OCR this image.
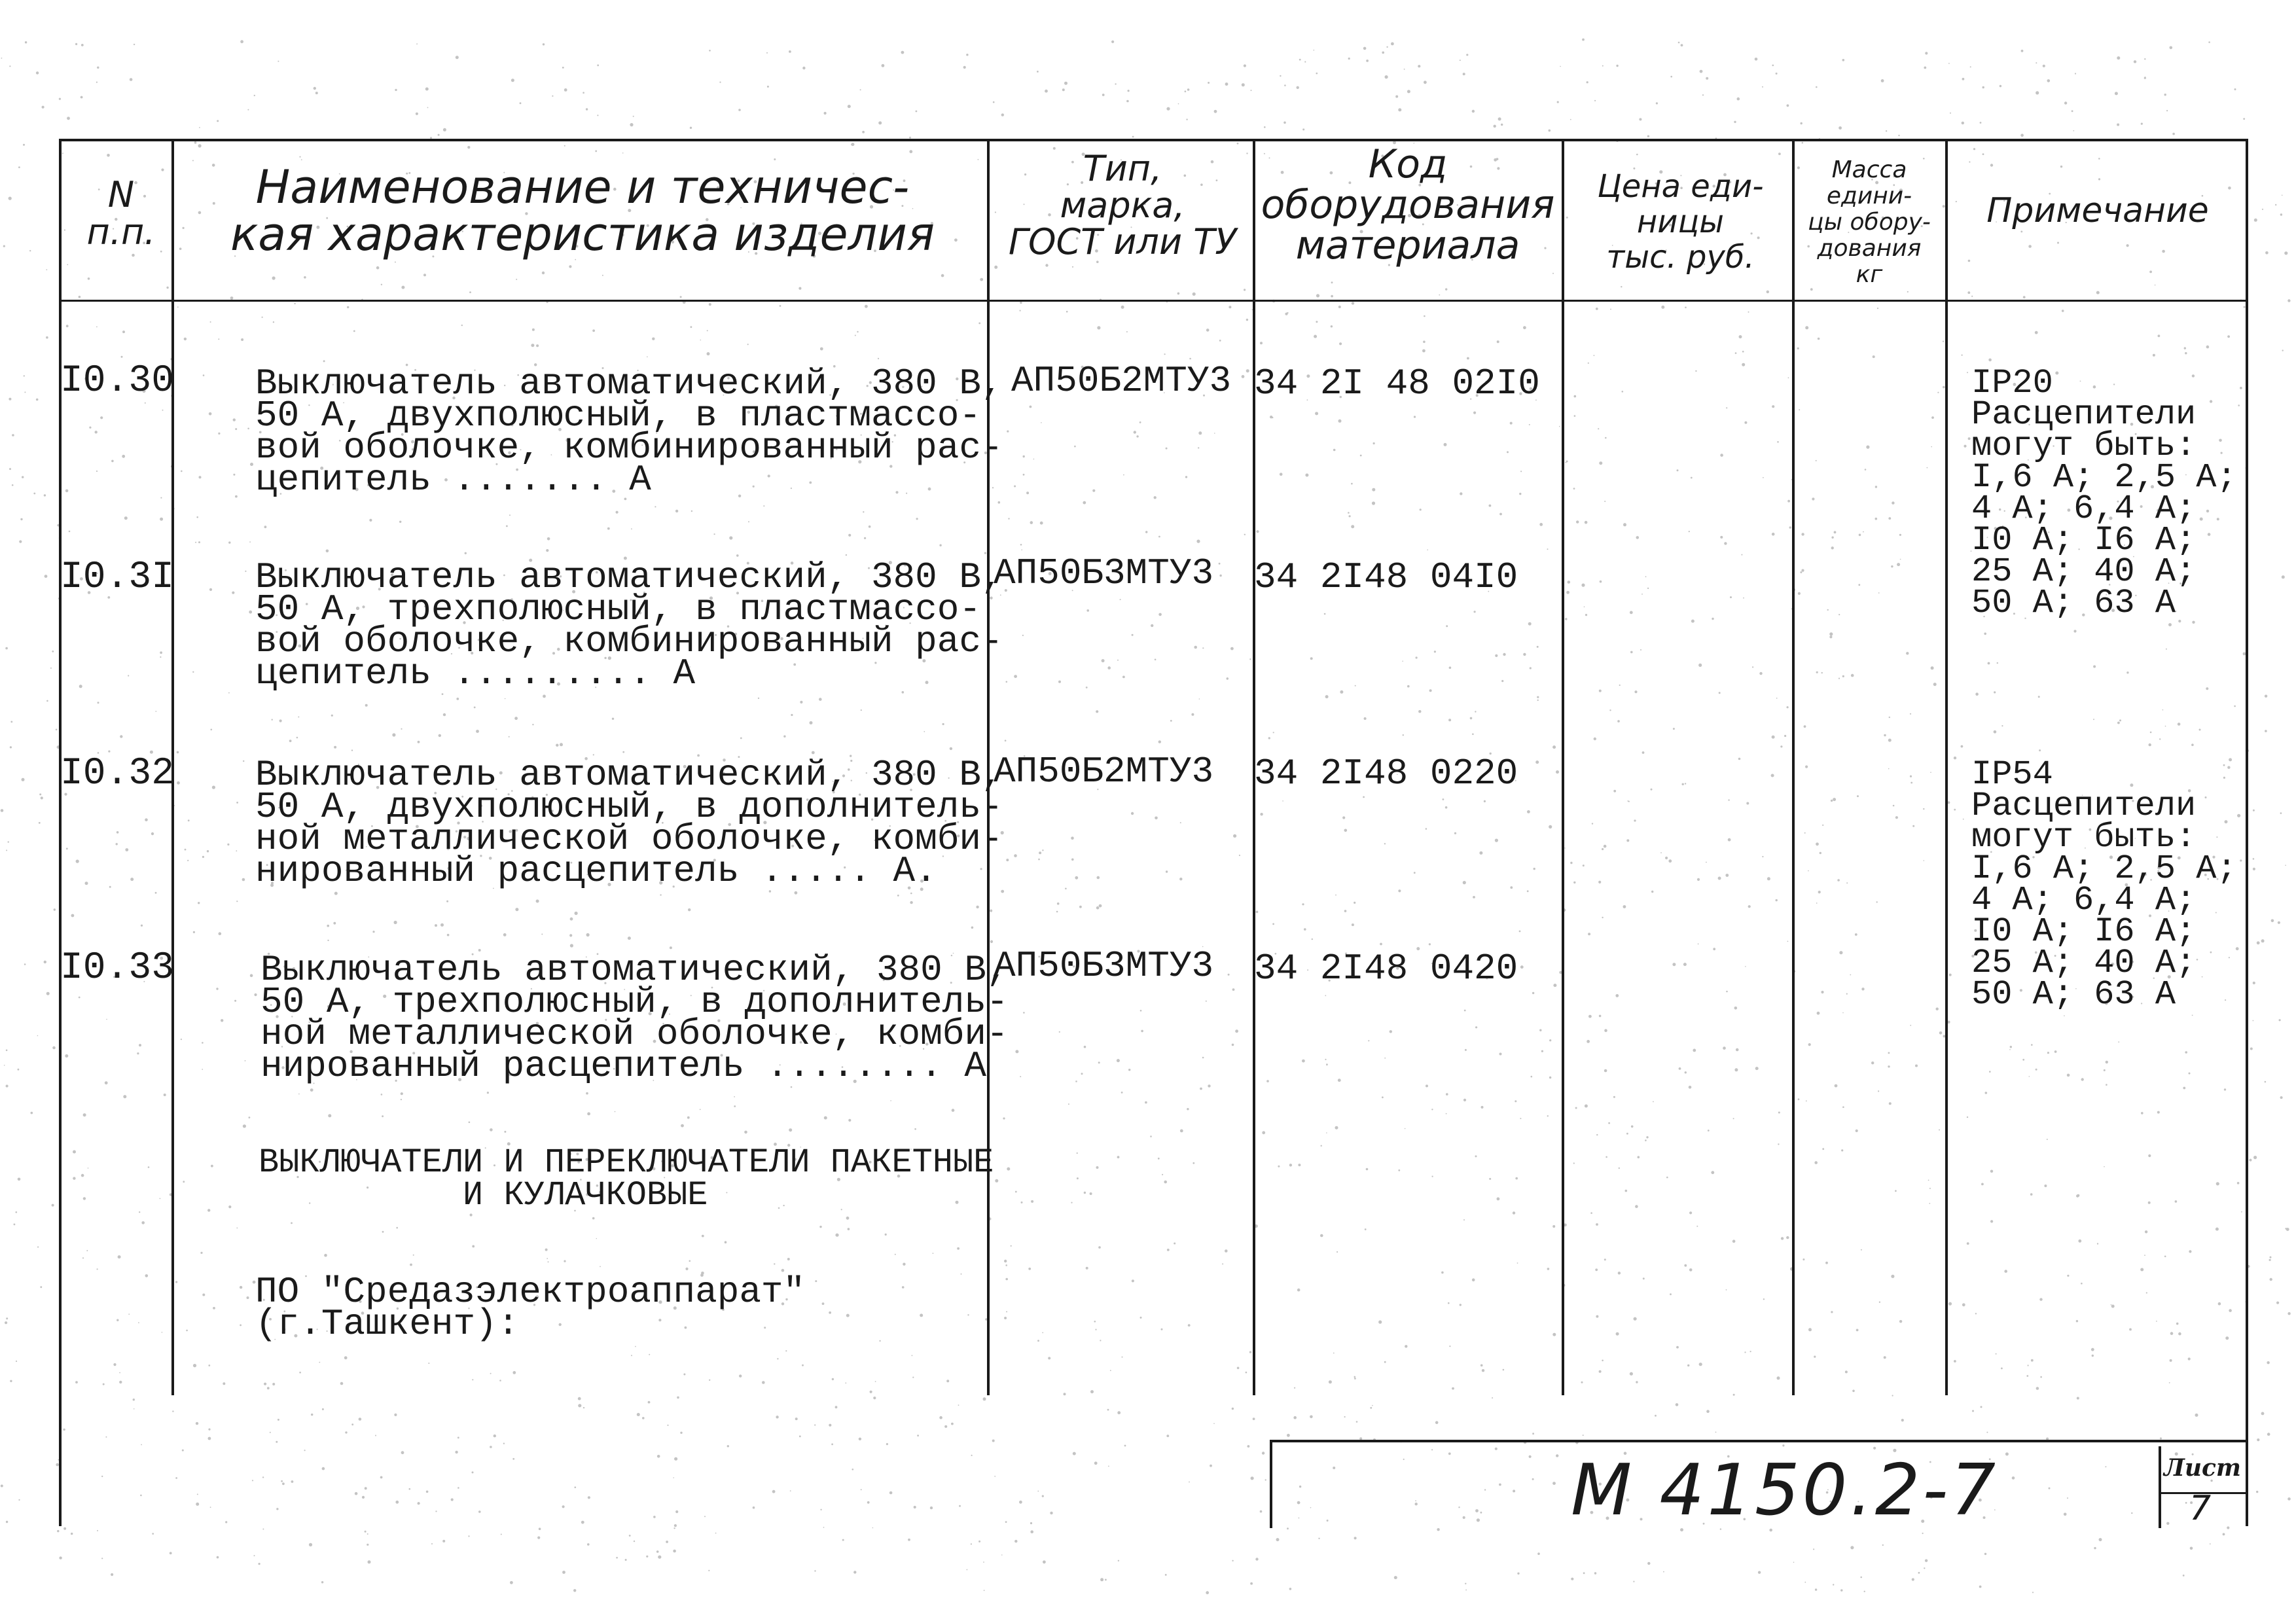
N
п.п.
Наименование и техничес-
кая характеристика изделия
Тип,
марка,
ГОСТ или ТУ
Код
оборудования
материала
Цена еди-
ницы
тыс. руб.
Масса
едини-
цы обору-
дования
кг
Примечание
I0.30 Выключатель автоматический, 380 В,
50 А, двухполюсный, в пластмассо-
вой оболочке, комбинированный рас-
цепитель ....... А
АП50Б2МТУ3 34 2I 48 02I0
I0.3I Выключатель автоматический, 380 В,
50 А, трехполюсный, в пластмассо-
вой оболочке, комбинированный рас-
цепитель ......... А
АП50Б3МТУ3 34 2I48 04I0
I0.32 Выключатель автоматический, 380 В,
50 А, двухполюсный, в дополнитель-
ной металлической оболочке, комби-
нированный расцепитель ..... А.
АП50Б2МТУ3 34 2I48 0220
I0.33 Выключатель автоматический, 380 В,
50 А, трехполюсный, в дополнитель-
ной металлической оболочке, комби-
нированный расцепитель ........ А
АП50Б3МТУ3 34 2I48 0420
IP20
Расцепители
могут быть:
I,6 А; 2,5 А;
4 А; 6,4 А;
I0 А; I6 А;
25 А; 40 А;
50 А; 63 А
IP54
Расцепители
могут быть:
I,6 А; 2,5 А;
4 А; 6,4 А;
I0 А; I6 А;
25 А; 40 А;
50 А; 63 А
ВЫКЛЮЧАТЕЛИ И ПЕРЕКЛЮЧАТЕЛИ ПАКЕТНЫЕ
И КУЛАЧКОВЫЕ
ПО "Средазэлектроаппарат"
(г.Ташкент):
М 4150.2-7	Лист
7
